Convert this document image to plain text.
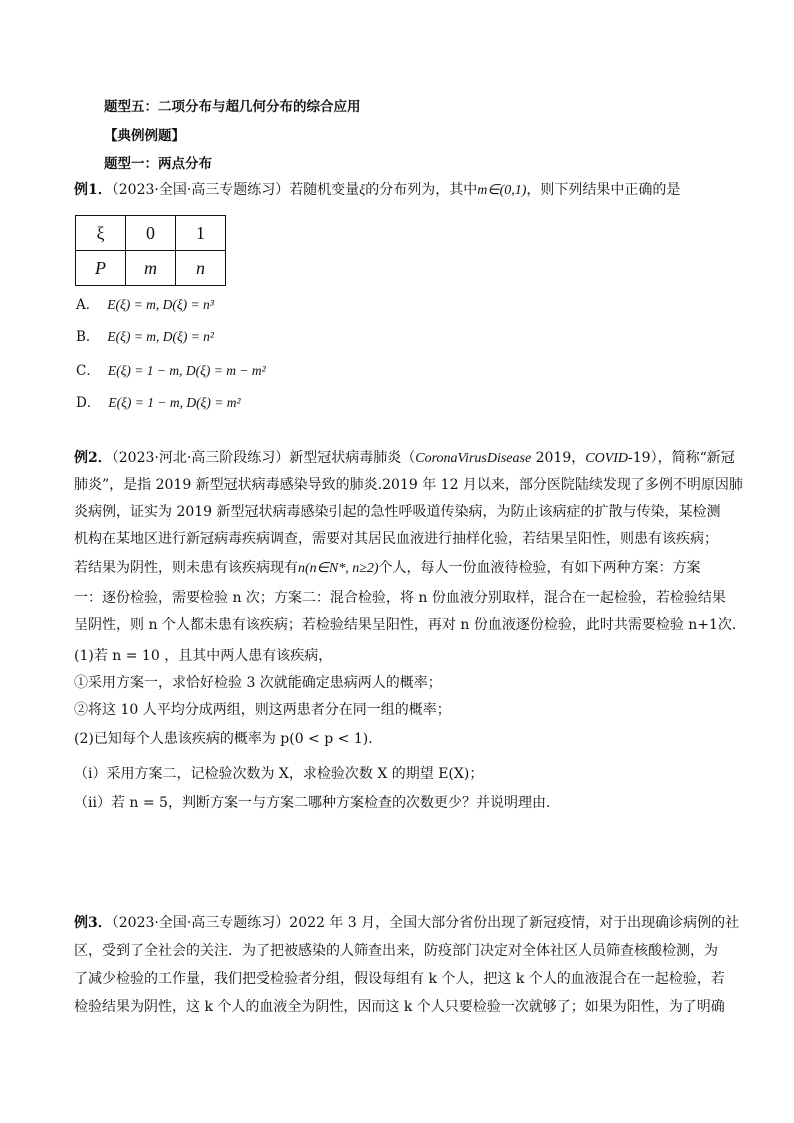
题型五：二项分布与超几何分布的综合应用
【典例例题】
题型一：两点分布
例1．（2023·全国·高三专题练习）若随机变量ξ的分布列为，其中m∈(0,1)，则下列结果中正确的是
ξ	0	1
P	m	n
A． E(ξ) = m, D(ξ) = n³
B． E(ξ) = m, D(ξ) = n²
C． E(ξ) = 1 − m, D(ξ) = m − m²
D． E(ξ) = 1 − m, D(ξ) = m²
例2．（2023·河北·高三阶段练习）新型冠状病毒肺炎（CoronaVirusDisease 2019，COVID-19），简称“新冠
肺炎”，是指 2019 新型冠状病毒感染导致的肺炎.2019 年 12 月以来，部分医院陆续发现了多例不明原因肺
炎病例，证实为 2019 新型冠状病毒感染引起的急性呼吸道传染病，为防止该病症的扩散与传染，某检测
机构在某地区进行新冠病毒疾病调查，需要对其居民血液进行抽样化验，若结果呈阳性，则患有该疾病；
若结果为阴性，则未患有该疾病现有n(n∈N*, n≥2)个人，每人一份血液待检验，有如下两种方案：方案
一：逐份检验，需要检验 n 次；方案二：混合检验，将 n 份血液分别取样，混合在一起检验，若检验结果
呈阴性，则 n 个人都未患有该疾病；若检验结果呈阳性，再对 n 份血液逐份检验，此时共需要检验 n+1次.
(1)若 n = 10 ，且其中两人患有该疾病，
①采用方案一，求恰好检验 3 次就能确定患病两人的概率；
②将这 10 人平均分成两组，则这两患者分在同一组的概率；
(2)已知每个人患该疾病的概率为 p(0 < p < 1).
（i）采用方案二，记检验次数为 X，求检验次数 X 的期望 E(X)；
（ii）若 n = 5，判断方案一与方案二哪种方案检查的次数更少？并说明理由.
例3．（2023·全国·高三专题练习）2022 年 3 月，全国大部分省份出现了新冠疫情，对于出现确诊病例的社
区，受到了全社会的关注．为了把被感染的人筛查出来，防疫部门决定对全体社区人员筛查核酸检测，为
了减少检验的工作量，我们把受检验者分组，假设每组有 k 个人，把这 k 个人的血液混合在一起检验，若
检验结果为阴性，这 k 个人的血液全为阴性，因而这 k 个人只要检验一次就够了；如果为阳性，为了明确
